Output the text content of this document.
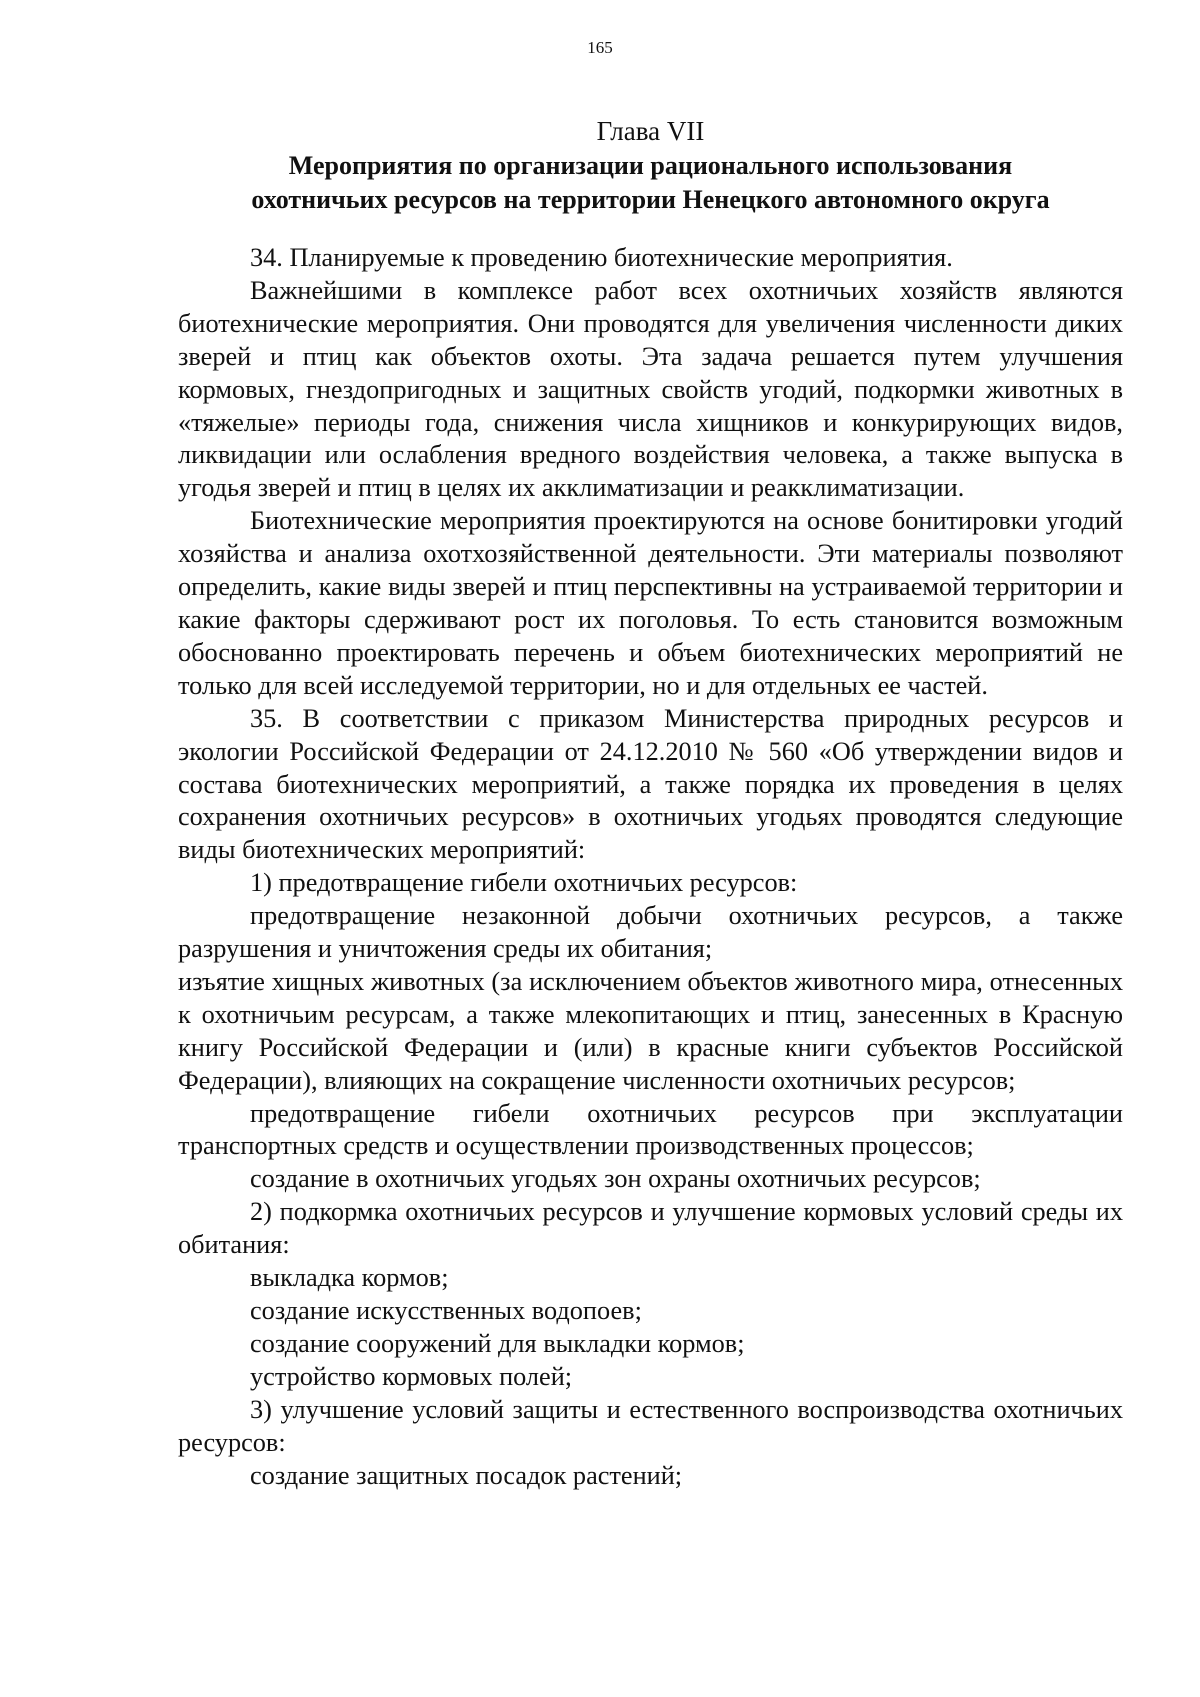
165
Глава VII
Мероприятия по организации рационального использования
охотничьих ресурсов на территории Ненецкого автономного округа

34. Планируемые к проведению биотехнические мероприятия.

Важнейшими в комплексе работ всех охотничьих хозяйств являются биотехнические мероприятия. Они проводятся для увеличения численности диких зверей и птиц как объектов охоты. Эта задача решается путем улучшения кормовых, гнездопригодных и защитных свойств угодий, подкормки животных в «тяжелые» периоды года, снижения числа хищников и конкурирующих видов, ликвидации или ослабления вредного воздействия человека, а также выпуска в угодья зверей и птиц в целях их акклиматизации и реакклиматизации.

Биотехнические мероприятия проектируются на основе бонитировки угодий хозяйства и анализа охотхозяйственной деятельности. Эти материалы позволяют определить, какие виды зверей и птиц перспективны на устраиваемой территории и какие факторы сдерживают рост их поголовья. То есть становится возможным обоснованно проектировать перечень и объем биотехнических мероприятий не только для всей исследуемой территории, но и для отдельных ее частей.

35. В соответствии с приказом Министерства природных ресурсов и экологии Российской Федерации от 24.12.2010 № 560 «Об утверждении видов и состава биотехнических мероприятий, а также порядка их проведения в целях сохранения охотничьих ресурсов» в охотничьих угодьях проводятся следующие виды биотехнических мероприятий:

1) предотвращение гибели охотничьих ресурсов:

предотвращение незаконной добычи охотничьих ресурсов, а также разрушения и уничтожения среды их обитания;

изъятие хищных животных (за исключением объектов животного мира, отнесенных к охотничьим ресурсам, а также млекопитающих и птиц, занесенных в Красную книгу Российской Федерации и (или) в красные книги субъектов Российской Федерации), влияющих на сокращение численности охотничьих ресурсов;

предотвращение гибели охотничьих ресурсов при эксплуатации транспортных средств и осуществлении производственных процессов;

создание в охотничьих угодьях зон охраны охотничьих ресурсов;

2) подкормка охотничьих ресурсов и улучшение кормовых условий среды их обитания:

выкладка кормов;

создание искусственных водопоев;

создание сооружений для выкладки кормов;

устройство кормовых полей;

3) улучшение условий защиты и естественного воспроизводства охотничьих ресурсов:

создание защитных посадок растений;
